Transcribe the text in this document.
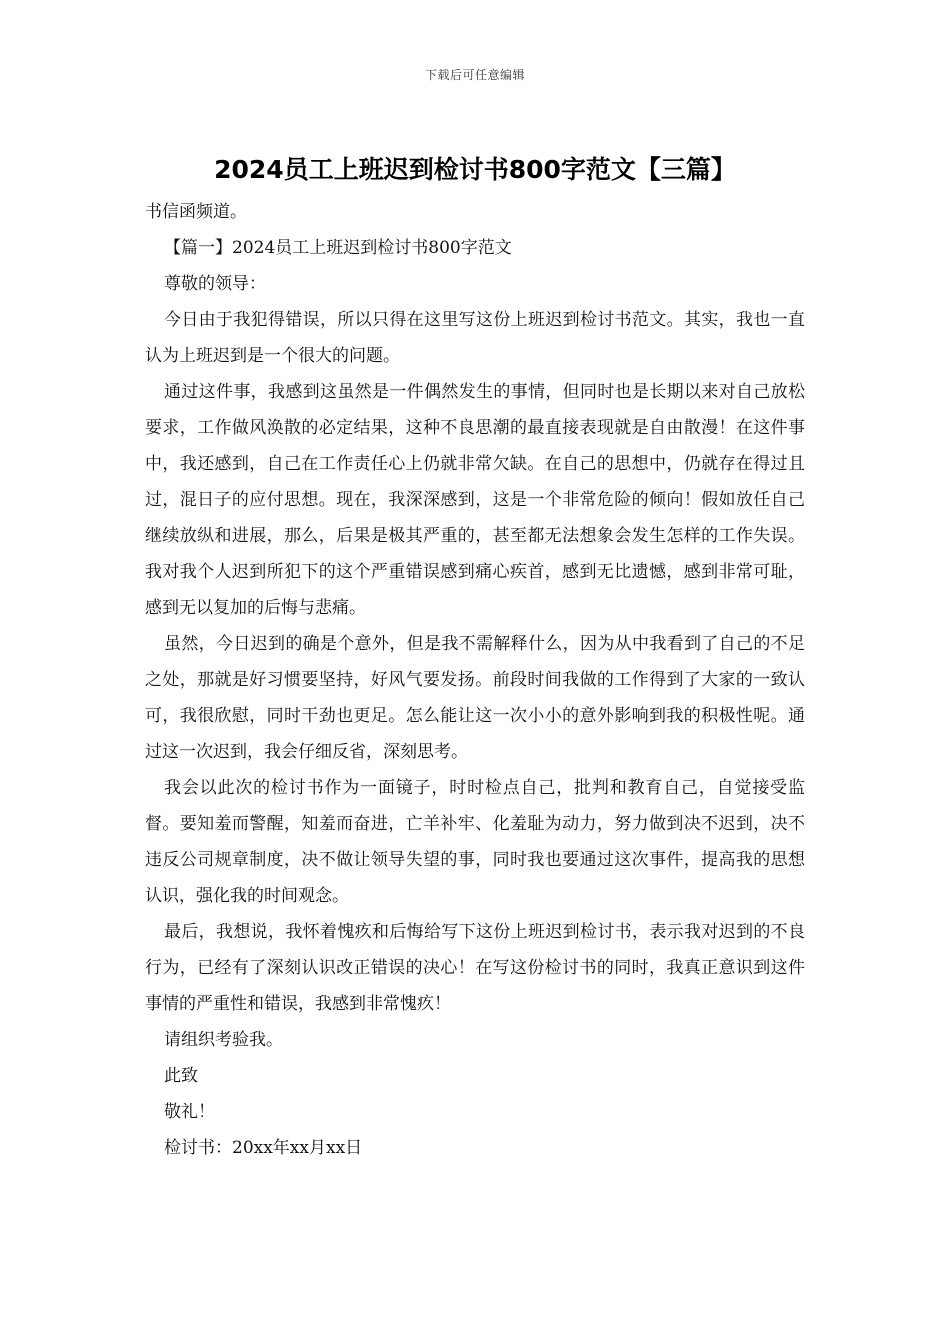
下载后可任意编辑
2024员工上班迟到检讨书800字范文【三篇】

书信函频道。

【篇一】2024员工上班迟到检讨书800字范文

尊敬的领导：

今日由于我犯得错误，所以只得在这里写这份上班迟到检讨书范文。其实，我也一直认为上班迟到是一个很大的问题。

通过这件事，我感到这虽然是一件偶然发生的事情，但同时也是长期以来对自己放松要求，工作做风涣散的必定结果，这种不良思潮的最直接表现就是自由散漫！在这件事中，我还感到，自己在工作责任心上仍就非常欠缺。在自己的思想中，仍就存在得过且过，混日子的应付思想。现在，我深深感到，这是一个非常危险的倾向！假如放任自己继续放纵和进展，那么，后果是极其严重的，甚至都无法想象会发生怎样的工作失误。我对我个人迟到所犯下的这个严重错误感到痛心疾首，感到无比遗憾，感到非常可耻，感到无以复加的后悔与悲痛。

虽然，今日迟到的确是个意外，但是我不需解释什么，因为从中我看到了自己的不足之处，那就是好习惯要坚持，好风气要发扬。前段时间我做的工作得到了大家的一致认可，我很欣慰，同时干劲也更足。怎么能让这一次小小的意外影响到我的积极性呢。通过这一次迟到，我会仔细反省，深刻思考。

我会以此次的检讨书作为一面镜子，时时检点自己，批判和教育自己，自觉接受监督。要知羞而警醒，知羞而奋进，亡羊补牢、化羞耻为动力，努力做到决不迟到，决不违反公司规章制度，决不做让领导失望的事，同时我也要通过这次事件，提高我的思想认识，强化我的时间观念。

最后，我想说，我怀着愧疚和后悔给写下这份上班迟到检讨书，表示我对迟到的不良行为，已经有了深刻认识改正错误的决心！在写这份检讨书的同时，我真正意识到这件事情的严重性和错误，我感到非常愧疚！

请组织考验我。

此致

敬礼！

检讨书：20xx年xx月xx日
